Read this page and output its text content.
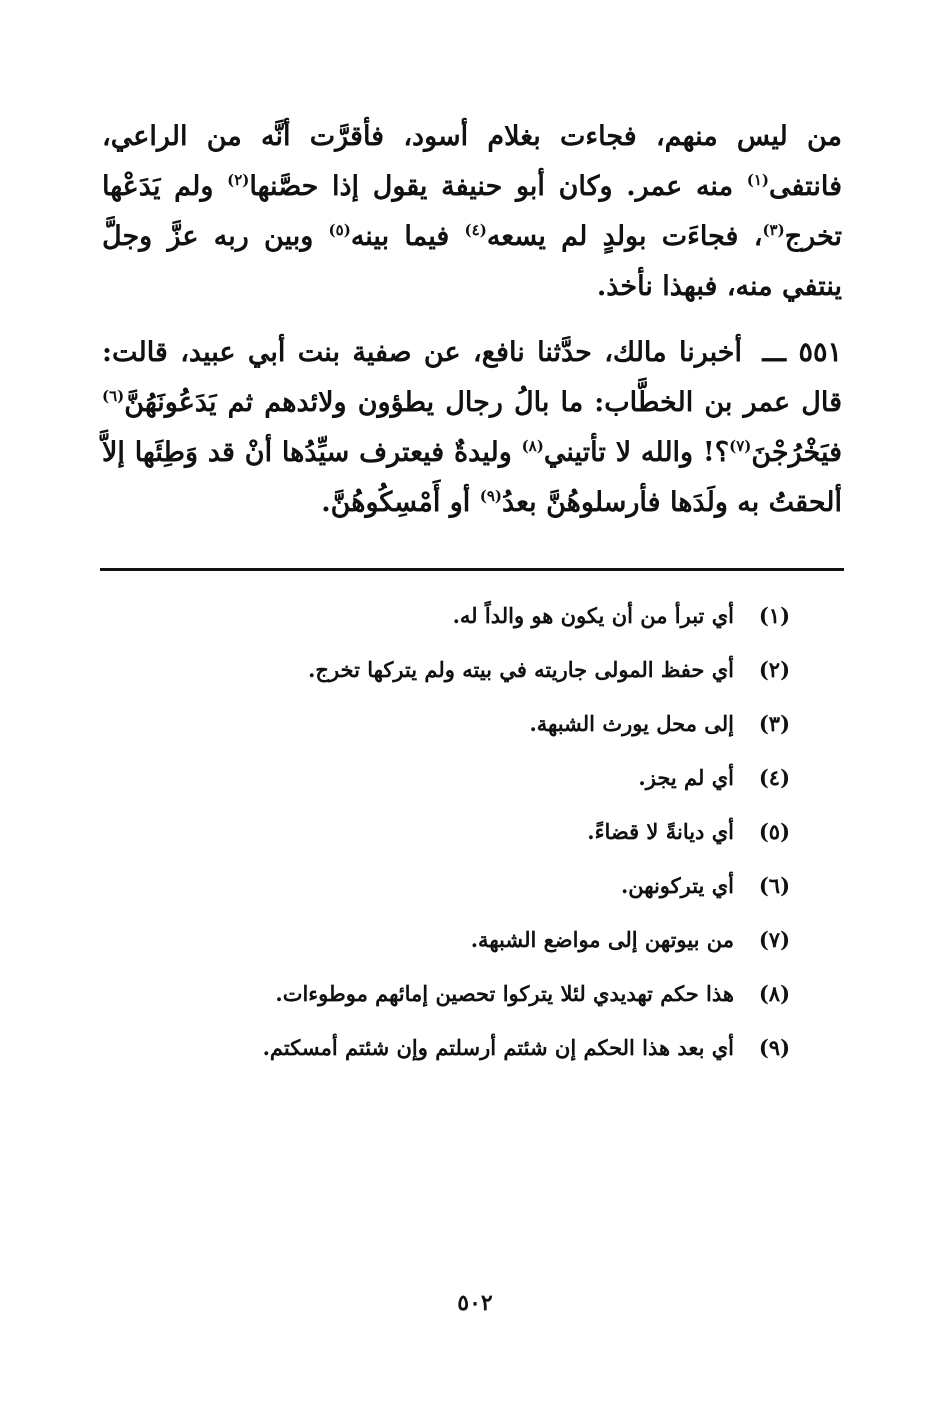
من ليس منهم، فجاءت بغلام أسود، فأقرَّت أنَّه من الراعي، فانتفى$^{(١)}$ منه عمر. وكان أبو حنيفة يقول إذا حصَّنها$^{(٢)}$ ولم يَدَعْها تخرج$^{(٣)}$، فجاءَت بولدٍ لم يسعه$^{(٤)}$ فيما بينه$^{(٥)}$ وبين ربه عزَّ وجلَّ ينتفي منه، فبهذا نأخذ.

٥٥١ ـــ أخبرنا مالك، حدَّثنا نافع، عن صفية بنت أبي عبيد، قالت: قال عمر بن الخطَّاب: ما بالُ رجال يطؤون ولائدهم ثم يَدَعُونَهُنَّ$^{(٦)}$ فيَخْرُجْنَ$^{(٧)}$؟! والله لا تأتيني$^{(٨)}$ وليدةٌ فيعترف سيِّدُها أنْ قد وَطِئَها إلاَّ ألحقتُ به ولَدَها فأرسلوهُنَّ بعدُ$^{(٩)}$ أو أَمْسِكُوهُنَّ.

(١)
أي تبرأ من أن يكون هو والداً له.
(٢)
أي حفظ المولى جاريته في بيته ولم يتركها تخرج.
(٣)
إلى محل يورث الشبهة.
(٤)
أي لم يجز.
(٥)
أي ديانةً لا قضاءً.
(٦)
أي يتركونهن.
(٧)
من بيوتهن إلى مواضع الشبهة.
(٨)
هذا حكم تهديدي لئلا يتركوا تحصين إمائهم موطوءات.
(٩)
أي بعد هذا الحكم إن شئتم أرسلتم وإن شئتم أمسكتم.
٥٠٢
